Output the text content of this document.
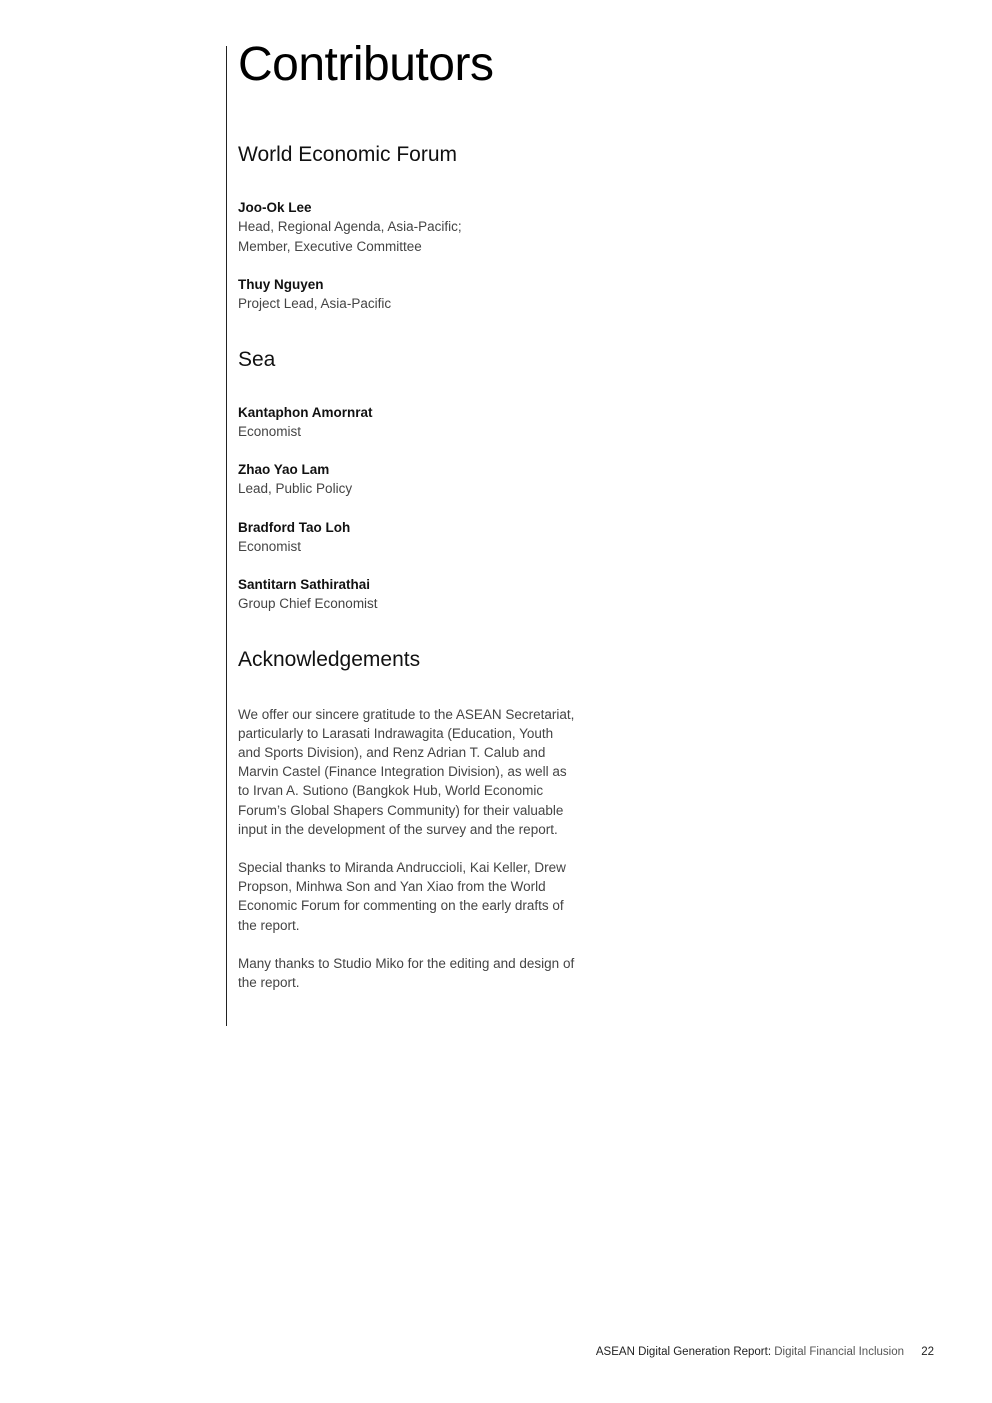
Contributors
World Economic Forum
Joo-Ok Lee
Head, Regional Agenda, Asia-Pacific;
Member, Executive Committee
Thuy Nguyen
Project Lead, Asia-Pacific
Sea
Kantaphon Amornrat
Economist
Zhao Yao Lam
Lead, Public Policy
Bradford Tao Loh
Economist
Santitarn Sathirathai
Group Chief Economist
Acknowledgements

We offer our sincere gratitude to the ASEAN Secretariat, particularly to Larasati Indrawagita (Education, Youth and Sports Division), and Renz Adrian T. Calub and Marvin Castel (Finance Integration Division), as well as to Irvan A. Sutiono (Bangkok Hub, World Economic Forum’s Global Shapers Community) for their valuable input in the development of the survey and the report.

Special thanks to Miranda Andruccioli, Kai Keller, Drew Propson, Minhwa Son and Yan Xiao from the World Economic Forum for commenting on the early drafts of the report.

Many thanks to Studio Miko for the editing and design of the report.

ASEAN Digital Generation Report: Digital Financial Inclusion 22
